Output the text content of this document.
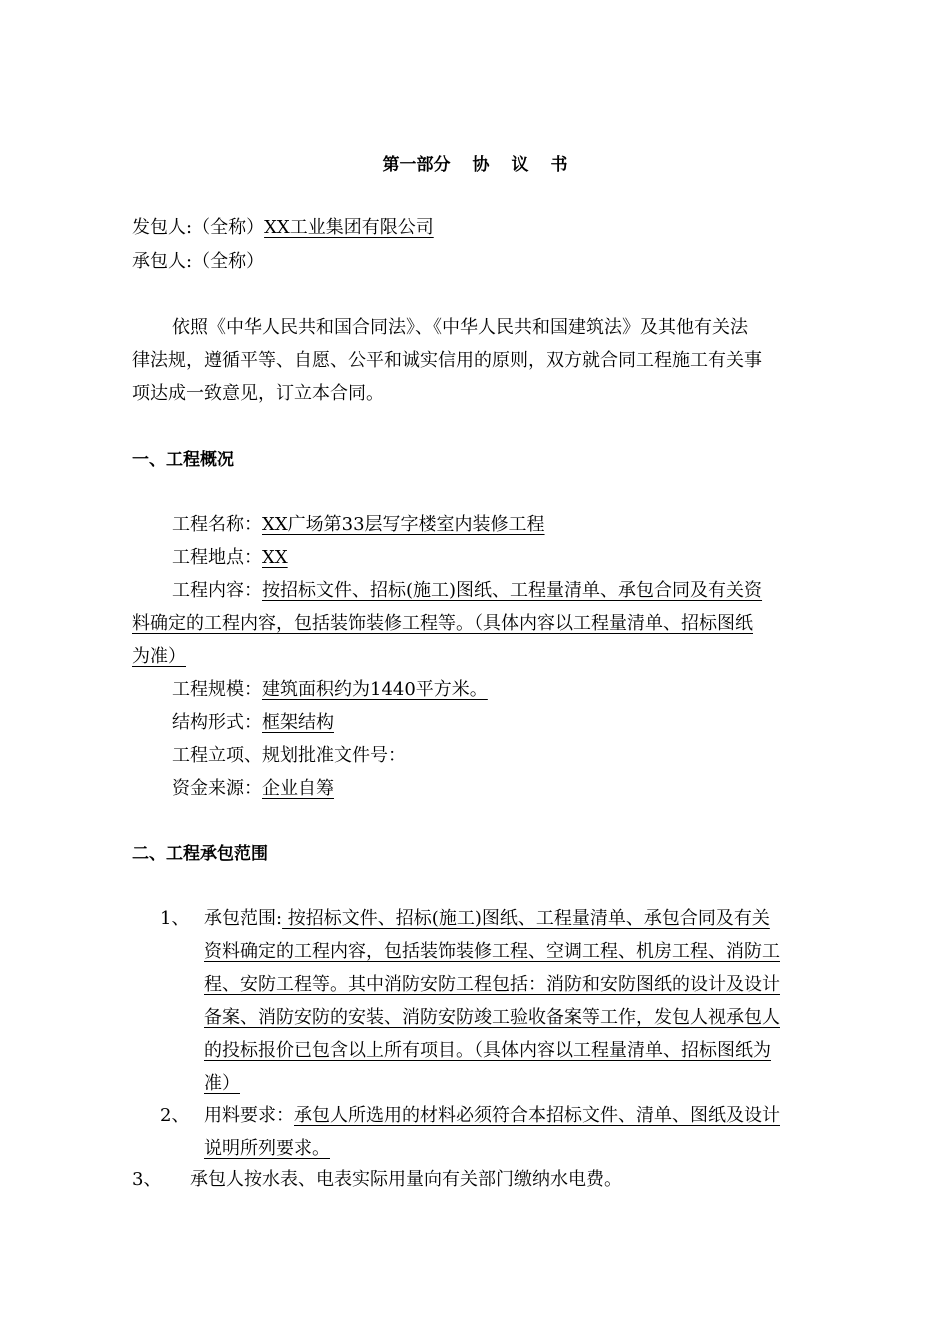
第一部分 协 议 书
发包人:（全称）XX工业集团有限公司
承包人:（全称）
依照《中华人民共和国合同法》、《中华人民共和国建筑法》及其他有关法
律法规，遵循平等、自愿、公平和诚实信用的原则，双方就合同工程施工有关事
项达成一致意见，订立本合同。
一、工程概况
工程名称：XX广场第33层写字楼室内装修工程
工程地点：XX
工程内容：按招标文件、招标(施工)图纸、工程量清单、承包合同及有关资
料确定的工程内容，包括装饰装修工程等。（具体内容以工程量清单、招标图纸
为准）
工程规模：建筑面积约为1440平方米。
结构形式：框架结构
工程立项、规划批准文件号：
资金来源：企业自筹
二、工程承包范围
1、 承包范围: 按招标文件、招标(施工)图纸、工程量清单、承包合同及有关
资料确定的工程内容，包括装饰装修工程、空调工程、机房工程、消防工
程、安防工程等。其中消防安防工程包括：消防和安防图纸的设计及设计
备案、消防安防的安装、消防安防竣工验收备案等工作，发包人视承包人
的投标报价已包含以上所有项目。（具体内容以工程量清单、招标图纸为
准）
2、 用料要求：承包人所选用的材料必须符合本招标文件、清单、图纸及设计
说明所列要求。
3、 承包人按水表、电表实际用量向有关部门缴纳水电费。
